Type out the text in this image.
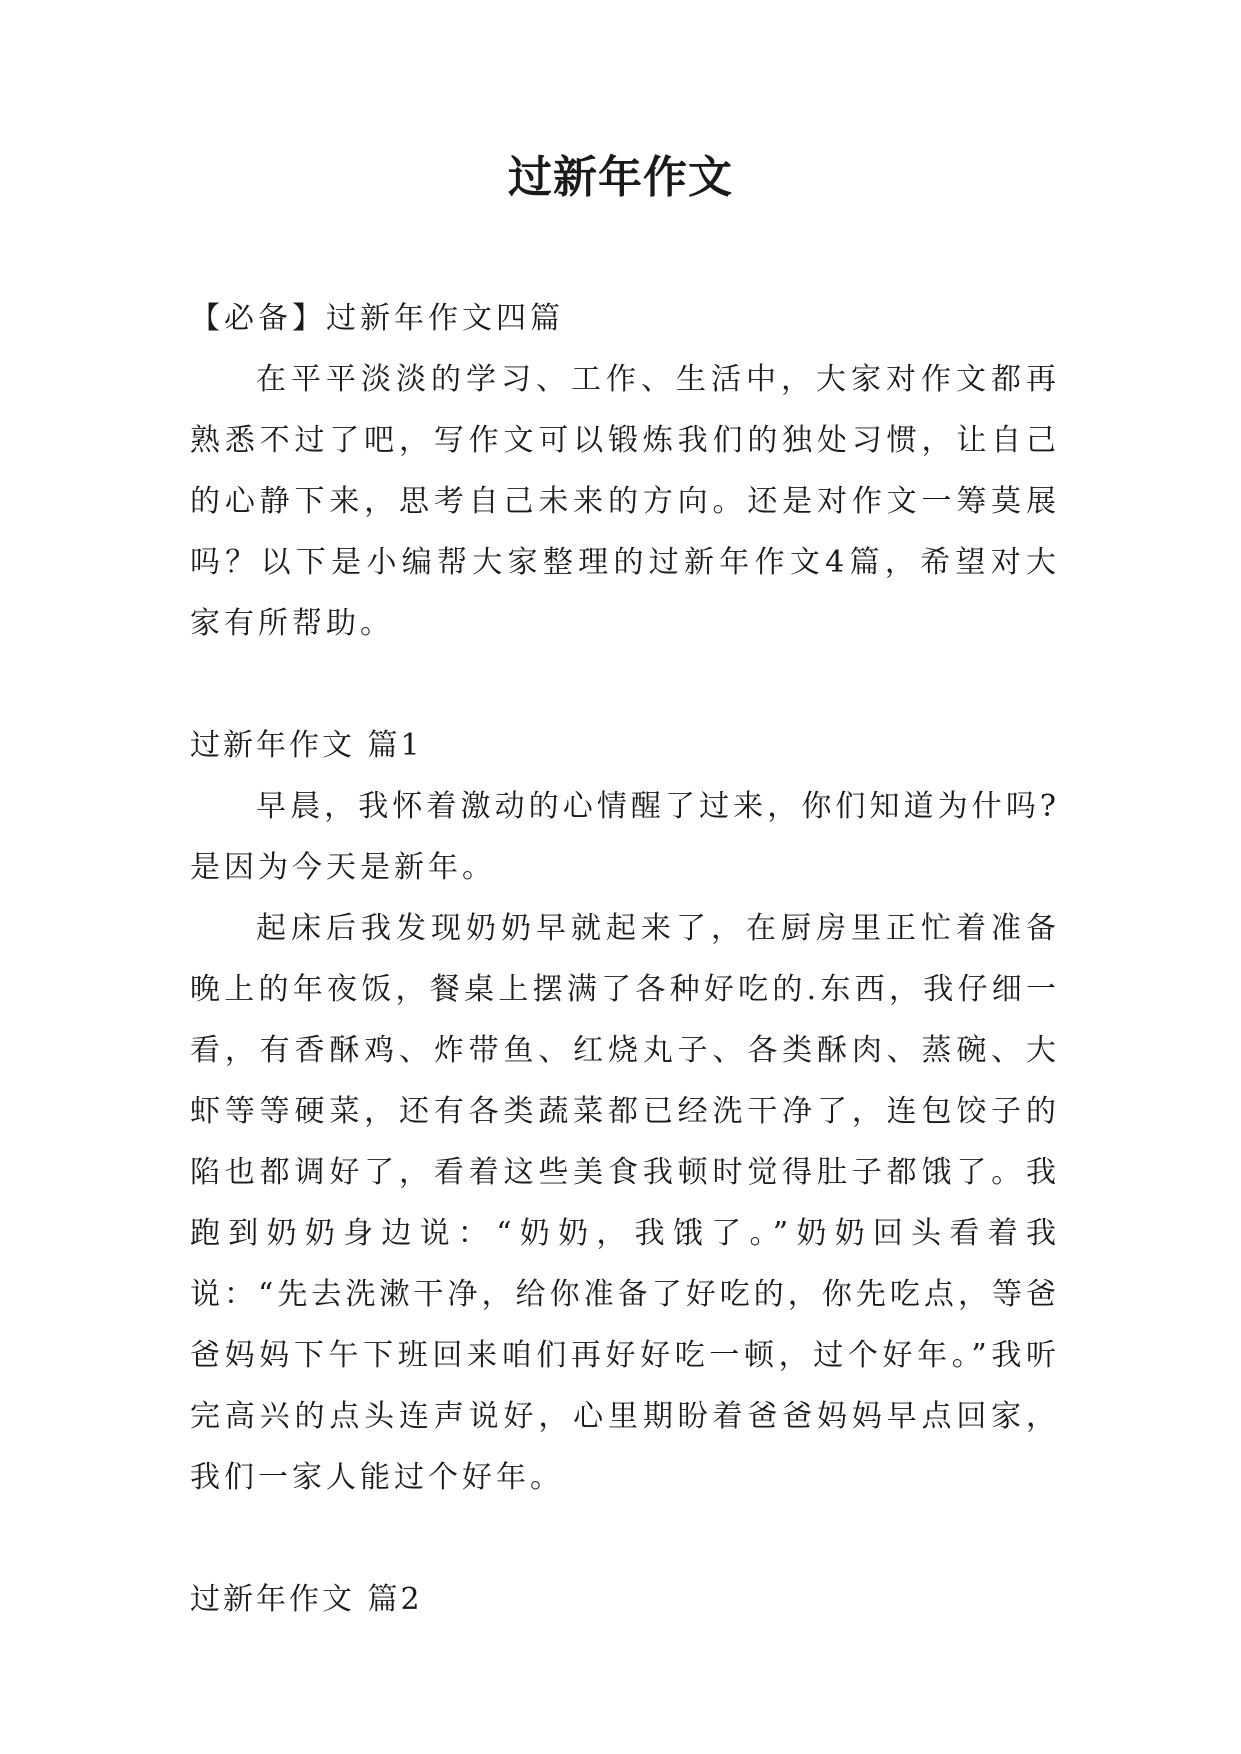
过新年作文

【必备】过新年作文四篇

在平平淡淡的学习、工作、生活中，大家对作文都再熟悉不过了吧，写作文可以锻炼我们的独处习惯，让自己的心静下来，思考自己未来的方向。还是对作文一筹莫展吗？以下是小编帮大家整理的过新年作文4篇，希望对大家有所帮助。

过新年作文 篇1

早晨，我怀着激动的心情醒了过来，你们知道为什吗?是因为今天是新年。

起床后我发现奶奶早就起来了，在厨房里正忙着准备晚上的年夜饭，餐桌上摆满了各种好吃的.东西，我仔细一看，有香酥鸡、炸带鱼、红烧丸子、各类酥肉、蒸碗、大虾等等硬菜，还有各类蔬菜都已经洗干净了，连包饺子的陷也都调好了，看着这些美食我顿时觉得肚子都饿了。我跑到奶奶身边说：“奶奶，我饿了。”奶奶回头看着我说：“先去洗漱干净，给你准备了好吃的，你先吃点，等爸爸妈妈下午下班回来咱们再好好吃一顿，过个好年。”我听完高兴的点头连声说好，心里期盼着爸爸妈妈早点回家，我们一家人能过个好年。

过新年作文 篇2
